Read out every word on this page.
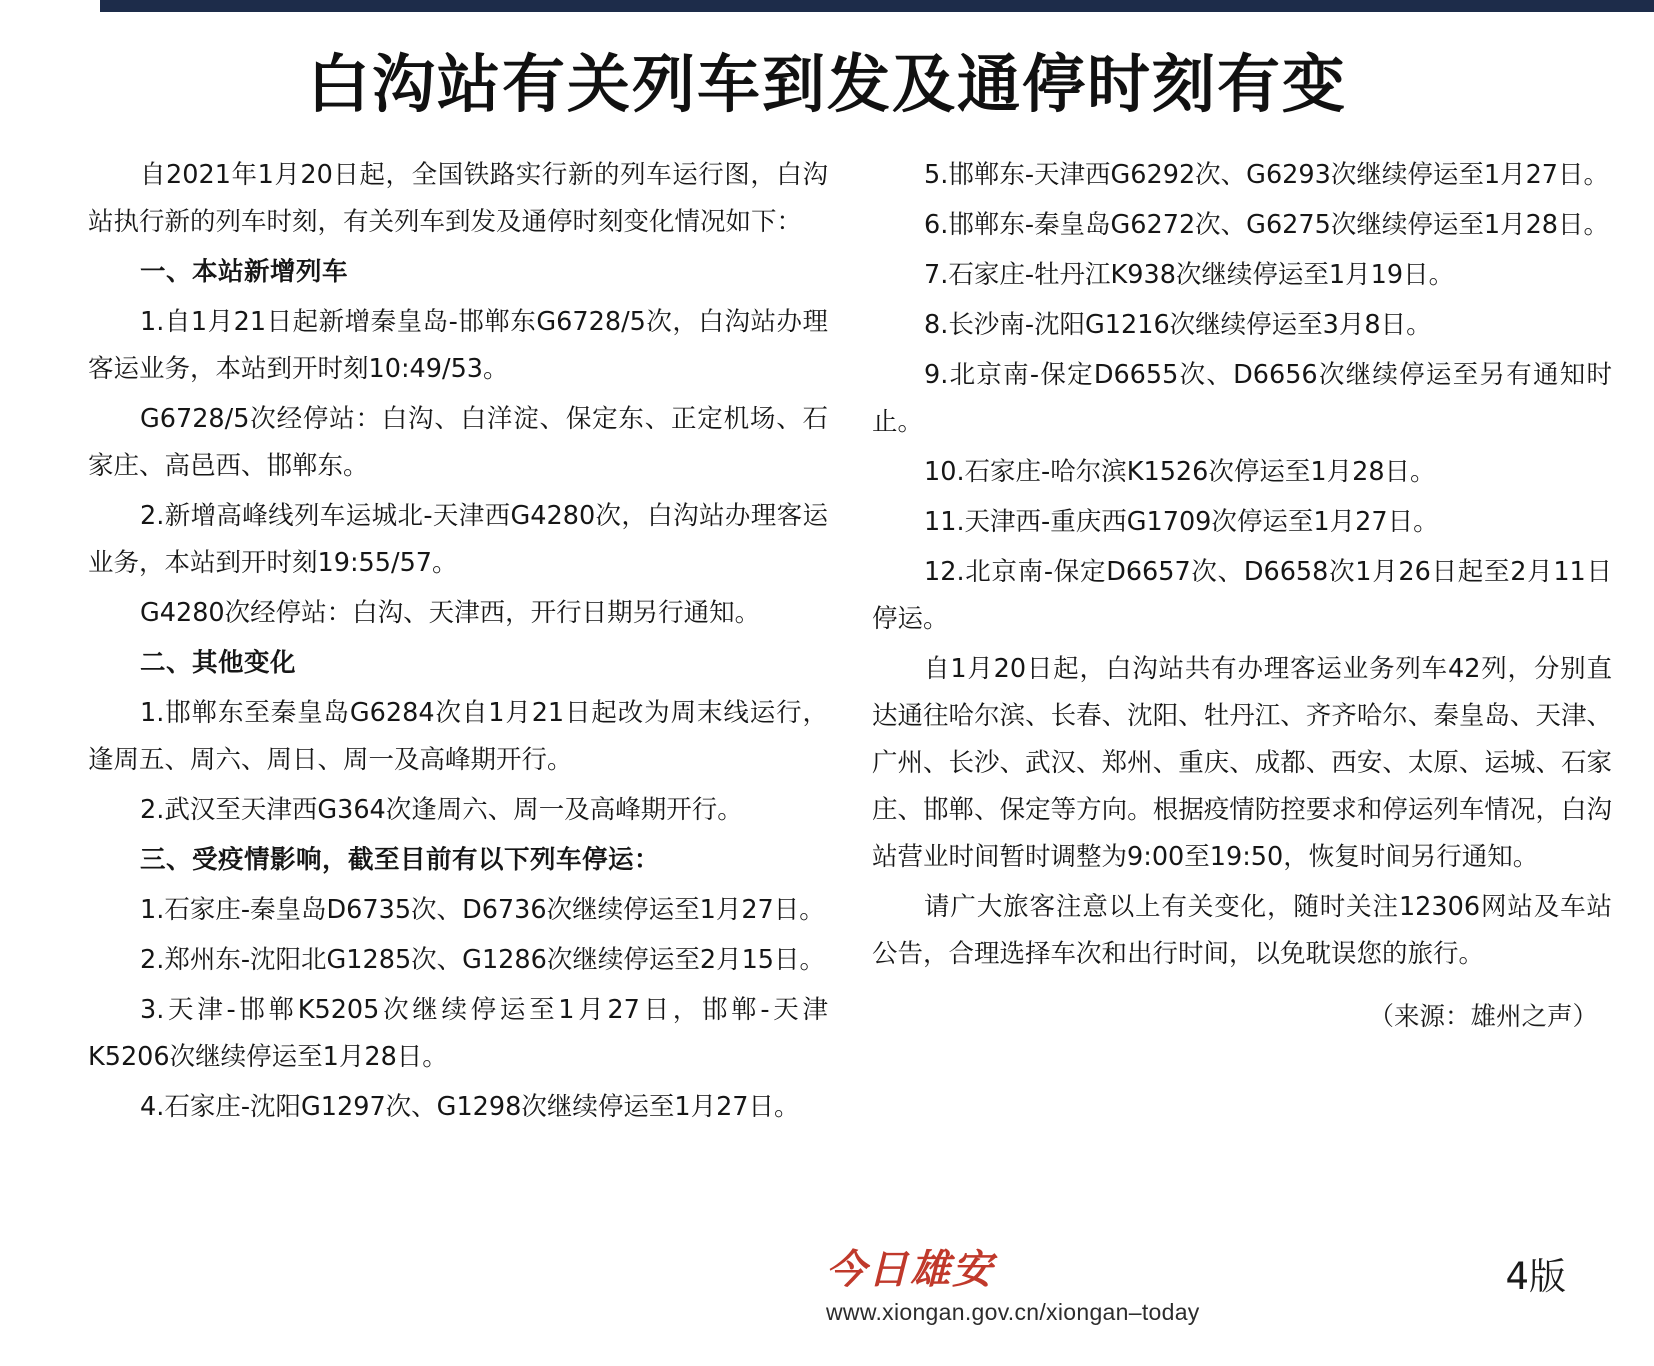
白沟站有关列车到发及通停时刻有变

自2021年1月20日起，全国铁路实行新的列车运行图，白沟站执行新的列车时刻，有关列车到发及通停时刻变化情况如下：

一、本站新增列车

1.自1月21日起新增秦皇岛-邯郸东G6728/5次，白沟站办理客运业务，本站到开时刻10:49/53。

G6728/5次经停站：白沟、白洋淀、保定东、正定机场、石家庄、高邑西、邯郸东。

2.新增高峰线列车运城北-天津西G4280次，白沟站办理客运业务，本站到开时刻19:55/57。

G4280次经停站：白沟、天津西，开行日期另行通知。

二、其他变化

1.邯郸东至秦皇岛G6284次自1月21日起改为周末线运行，逢周五、周六、周日、周一及高峰期开行。

2.武汉至天津西G364次逢周六、周一及高峰期开行。

三、受疫情影响，截至目前有以下列车停运：

1.石家庄-秦皇岛D6735次、D6736次继续停运至1月27日。

2.郑州东-沈阳北G1285次、G1286次继续停运至2月15日。

3.天津-邯郸K5205次继续停运至1月27日，邯郸-天津K5206次继续停运至1月28日。

4.石家庄-沈阳G1297次、G1298次继续停运至1月27日。

5.邯郸东-天津西G6292次、G6293次继续停运至1月27日。

6.邯郸东-秦皇岛G6272次、G6275次继续停运至1月28日。

7.石家庄-牡丹江K938次继续停运至1月19日。

8.长沙南-沈阳G1216次继续停运至3月8日。

9.北京南-保定D6655次、D6656次继续停运至另有通知时止。

10.石家庄-哈尔滨K1526次停运至1月28日。

11.天津西-重庆西G1709次停运至1月27日。

12.北京南-保定D6657次、D6658次1月26日起至2月11日停运。

自1月20日起，白沟站共有办理客运业务列车42列，分别直达通往哈尔滨、长春、沈阳、牡丹江、齐齐哈尔、秦皇岛、天津、广州、长沙、武汉、郑州、重庆、成都、西安、太原、运城、石家庄、邯郸、保定等方向。根据疫情防控要求和停运列车情况，白沟站营业时间暂时调整为9:00至19:50，恢复时间另行通知。

请广大旅客注意以上有关变化，随时关注12306网站及车站公告，合理选择车次和出行时间，以免耽误您的旅行。

（来源：雄州之声）
今日雄安
www.xiongan.gov.cn/xiongan–today
4版
